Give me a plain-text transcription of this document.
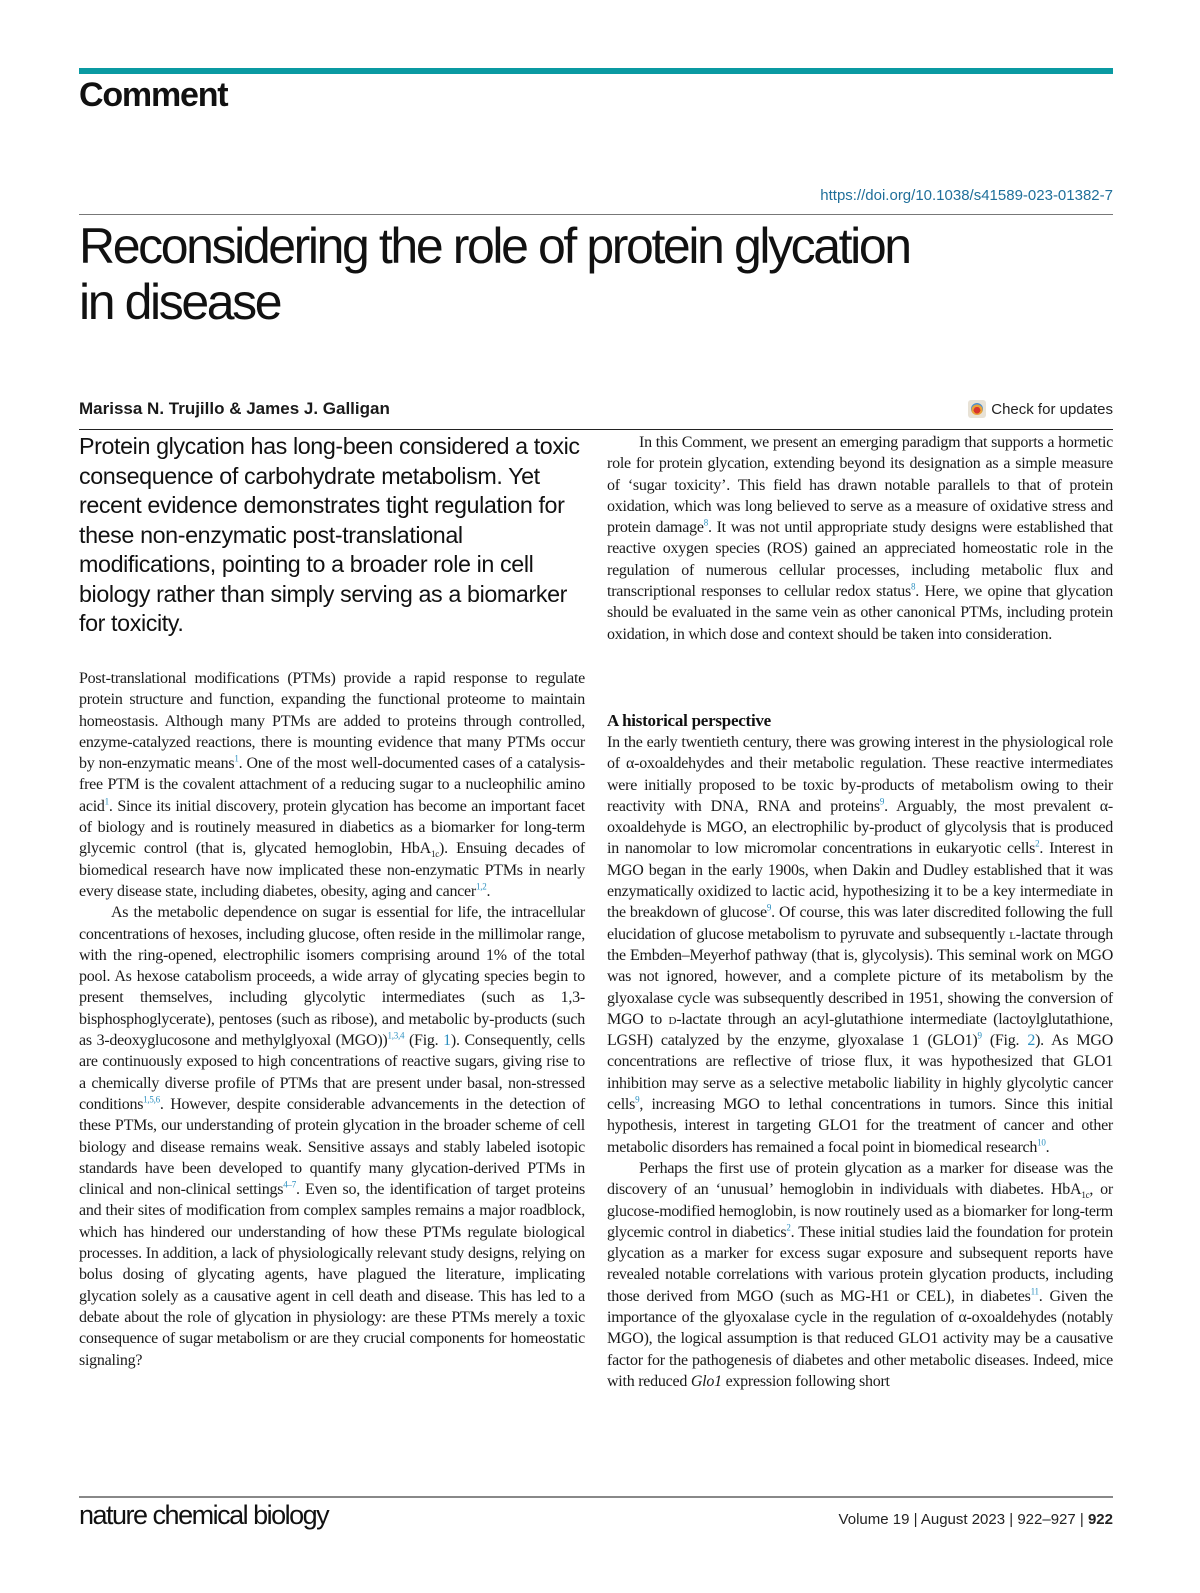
Comment
https://doi.org/10.1038/s41589-023-01382-7
Reconsidering the role of protein glycation
in disease
Marissa N. Trujillo & James J. Galligan	Check for updates

Protein glycation has long-been considered a toxic consequence of carbohydrate metabolism. Yet recent evidence demonstrates tight regulation for these non-enzymatic post-translational modifications, pointing to a broader role in cell biology rather than simply serving as a biomarker for toxicity.

Post-translational modifications (PTMs) provide a rapid response to regulate protein structure and function, expanding the functional proteome to maintain homeostasis. Although many PTMs are added to proteins through controlled, enzyme-catalyzed reactions, there is mounting evidence that many PTMs occur by non-enzymatic means$^1$. One of the most well-documented cases of a catalysis-free PTM is the covalent attachment of a reducing sugar to a nucleophilic amino acid$^1$. Since its initial discovery, protein glycation has become an important facet of biology and is routinely measured in diabetics as a biomarker for long-term glycemic control (that is, glycated hemoglobin, HbA$_{1c}$). Ensuing decades of biomedical research have now implicated these non-enzymatic PTMs in nearly every disease state, including diabetes, obesity, aging and cancer$^{1,2}$.

As the metabolic dependence on sugar is essential for life, the intracellular concentrations of hexoses, including glucose, often reside in the millimolar range, with the ring-opened, electrophilic isomers comprising around 1% of the total pool. As hexose catabolism proceeds, a wide array of glycating species begin to present themselves, including glycolytic intermediates (such as 1,3-bisphosphoglycerate), pentoses (such as ribose), and metabolic by-products (such as 3-deoxyglucosone and methylglyoxal (MGO))$^{1,3,4}$ (Fig. 1). Consequently, cells are continuously exposed to high concentrations of reactive sugars, giving rise to a chemically diverse profile of PTMs that are present under basal, non-stressed conditions$^{1,5,6}$. However, despite considerable advancements in the detection of these PTMs, our understanding of protein glycation in the broader scheme of cell biology and disease remains weak. Sensitive assays and stably labeled isotopic standards have been developed to quantify many glycation-derived PTMs in clinical and non-clinical settings$^{4-7}$. Even so, the identification of target proteins and their sites of modification from complex samples remains a major roadblock, which has hindered our understanding of how these PTMs regulate biological processes. In addition, a lack of physiologically relevant study designs, relying on bolus dosing of glycating agents, have plagued the literature, implicating glycation solely as a causative agent in cell death and disease. This has led to a debate about the role of glycation in physiology: are these PTMs merely a toxic consequence of sugar metabolism or are they crucial components for homeostatic signaling?

In this Comment, we present an emerging paradigm that supports a hormetic role for protein glycation, extending beyond its designation as a simple measure of ‘sugar toxicity’. This field has drawn notable parallels to that of protein oxidation, which was long believed to serve as a measure of oxidative stress and protein damage$^8$. It was not until appropriate study designs were established that reactive oxygen species (ROS) gained an appreciated homeostatic role in the regulation of numerous cellular processes, including metabolic flux and transcriptional responses to cellular redox status$^8$. Here, we opine that glycation should be evaluated in the same vein as other canonical PTMs, including protein oxidation, in which dose and context should be taken into consideration.

A historical perspective

In the early twentieth century, there was growing interest in the physiological role of α-oxoaldehydes and their metabolic regulation. These reactive intermediates were initially proposed to be toxic by-products of metabolism owing to their reactivity with DNA, RNA and proteins$^9$. Arguably, the most prevalent α-oxoaldehyde is MGO, an electrophilic by-product of glycolysis that is produced in nanomolar to low micromolar concentrations in eukaryotic cells$^2$. Interest in MGO began in the early 1900s, when Dakin and Dudley established that it was enzymatically oxidized to lactic acid, hypothesizing it to be a key intermediate in the breakdown of glucose$^9$. Of course, this was later discredited following the full elucidation of glucose metabolism to pyruvate and subsequently l-lactate through the Embden–Meyerhof pathway (that is, glycolysis). This seminal work on MGO was not ignored, however, and a complete picture of its metabolism by the glyoxalase cycle was subsequently described in 1951, showing the conversion of MGO to d-lactate through an acyl-glutathione intermediate (lactoylglutathione, LGSH) catalyzed by the enzyme, glyoxalase 1 (GLO1)$^9$ (Fig. 2). As MGO concentrations are reflective of triose flux, it was hypothesized that GLO1 inhibition may serve as a selective metabolic liability in highly glycolytic cancer cells$^9$, increasing MGO to lethal concentrations in tumors. Since this initial hypothesis, interest in targeting GLO1 for the treatment of cancer and other metabolic disorders has remained a focal point in biomedical research$^{10}$.

Perhaps the first use of protein glycation as a marker for disease was the discovery of an ‘unusual’ hemoglobin in individuals with diabetes. HbA$_{1c}$, or glucose-modified hemoglobin, is now routinely used as a biomarker for long-term glycemic control in diabetics$^2$. These initial studies laid the foundation for protein glycation as a marker for excess sugar exposure and subsequent reports have revealed notable correlations with various protein glycation products, including those derived from MGO (such as MG-H1 or CEL), in diabetes$^{11}$. Given the importance of the glyoxalase cycle in the regulation of α-oxoaldehydes (notably MGO), the logical assumption is that reduced GLO1 activity may be a causative factor for the pathogenesis of diabetes and other metabolic diseases. Indeed, mice with reduced Glo1 expression following short

nature chemical biology	Volume 19 | August 2023 | 922–927 | 922
